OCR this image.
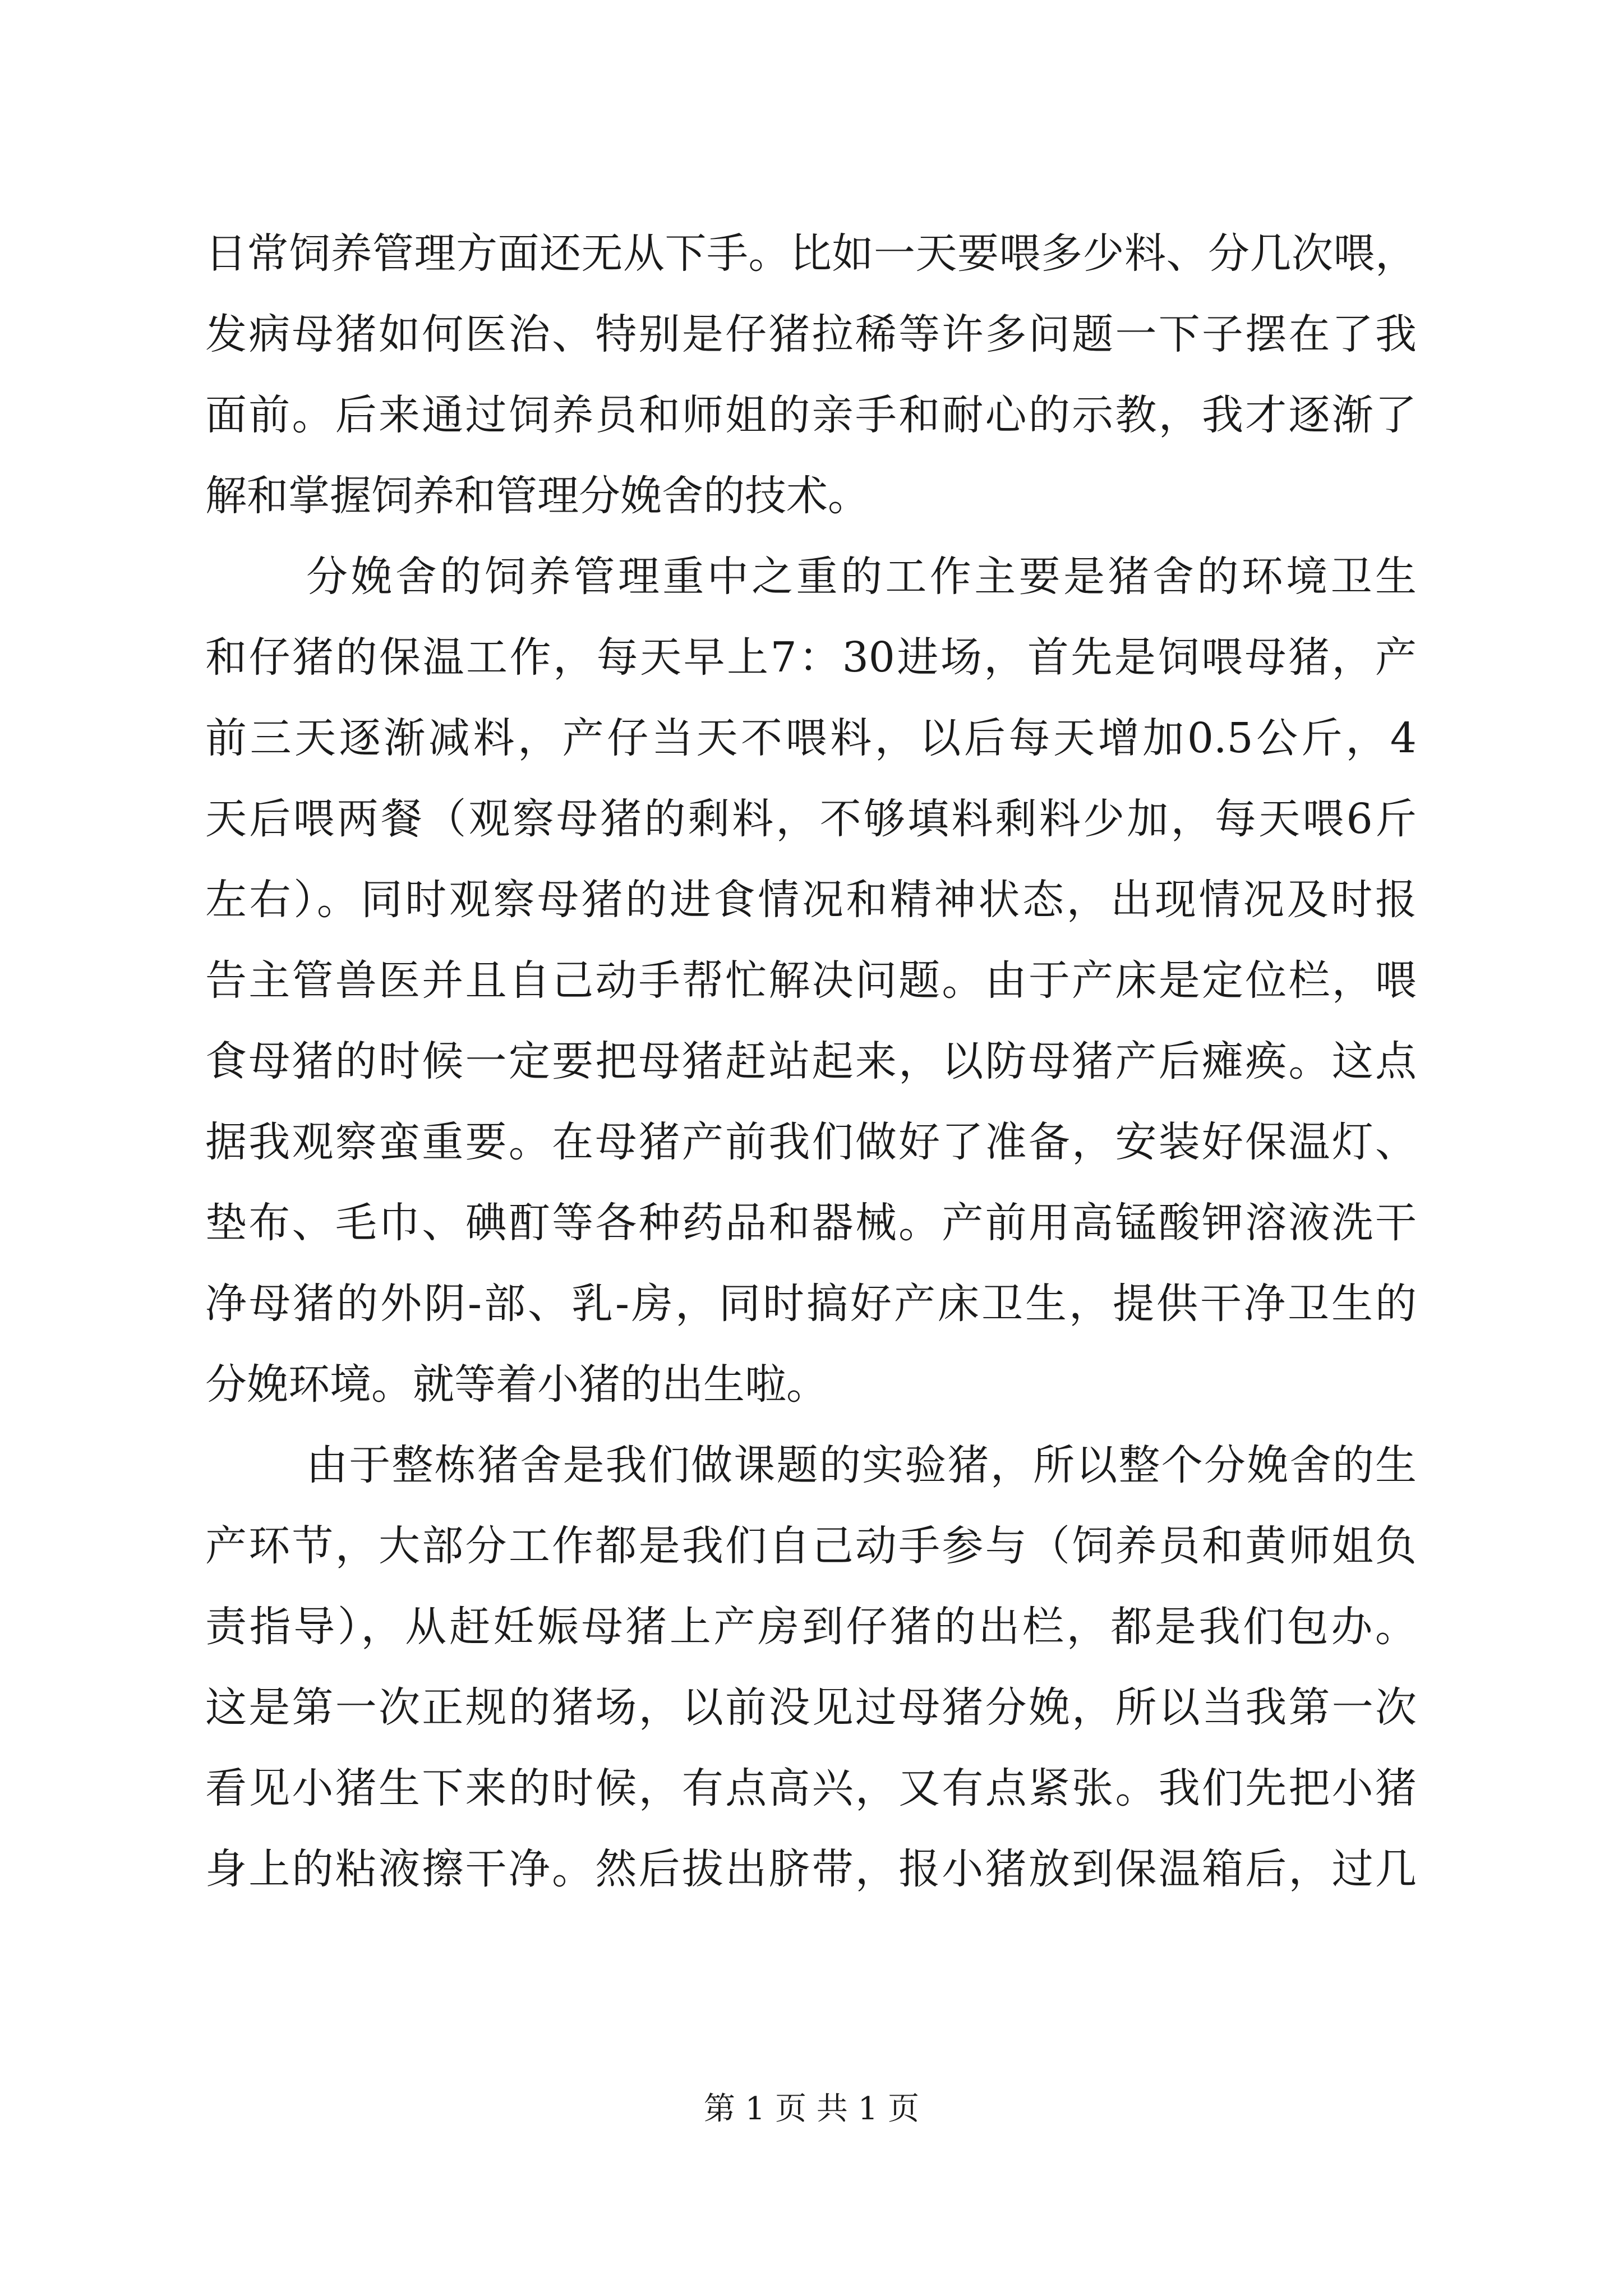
日常饲养管理方面还无从下手。比如一天要喂多少料、分几次喂，
发病母猪如何医治、特别是仔猪拉稀等许多问题一下子摆在了我
面前。后来通过饲养员和师姐的亲手和耐心的示教，我才逐渐了
解和掌握饲养和管理分娩舍的技术。
分娩舍的饲养管理重中之重的工作主要是猪舍的环境卫生
和仔猪的保温工作，每天早上7：30进场，首先是饲喂母猪，产
前三天逐渐减料，产仔当天不喂料，以后每天增加0.5公斤，4
天后喂两餐（观察母猪的剩料，不够填料剩料少加，每天喂6斤
左右）。同时观察母猪的进食情况和精神状态，出现情况及时报
告主管兽医并且自己动手帮忙解决问题。由于产床是定位栏，喂
食母猪的时候一定要把母猪赶站起来，以防母猪产后瘫痪。这点
据我观察蛮重要。在母猪产前我们做好了准备，安装好保温灯、
垫布、毛巾、碘酊等各种药品和器械。产前用高锰酸钾溶液洗干
净母猪的外阴-部、乳-房，同时搞好产床卫生，提供干净卫生的
分娩环境。就等着小猪的出生啦。
由于整栋猪舍是我们做课题的实验猪，所以整个分娩舍的生
产环节，大部分工作都是我们自己动手参与（饲养员和黄师姐负
责指导），从赶妊娠母猪上产房到仔猪的出栏，都是我们包办。
这是第一次正规的猪场，以前没见过母猪分娩，所以当我第一次
看见小猪生下来的时候，有点高兴，又有点紧张。我们先把小猪
身上的粘液擦干净。然后拔出脐带，报小猪放到保温箱后，过几
第 1 页 共 1 页
